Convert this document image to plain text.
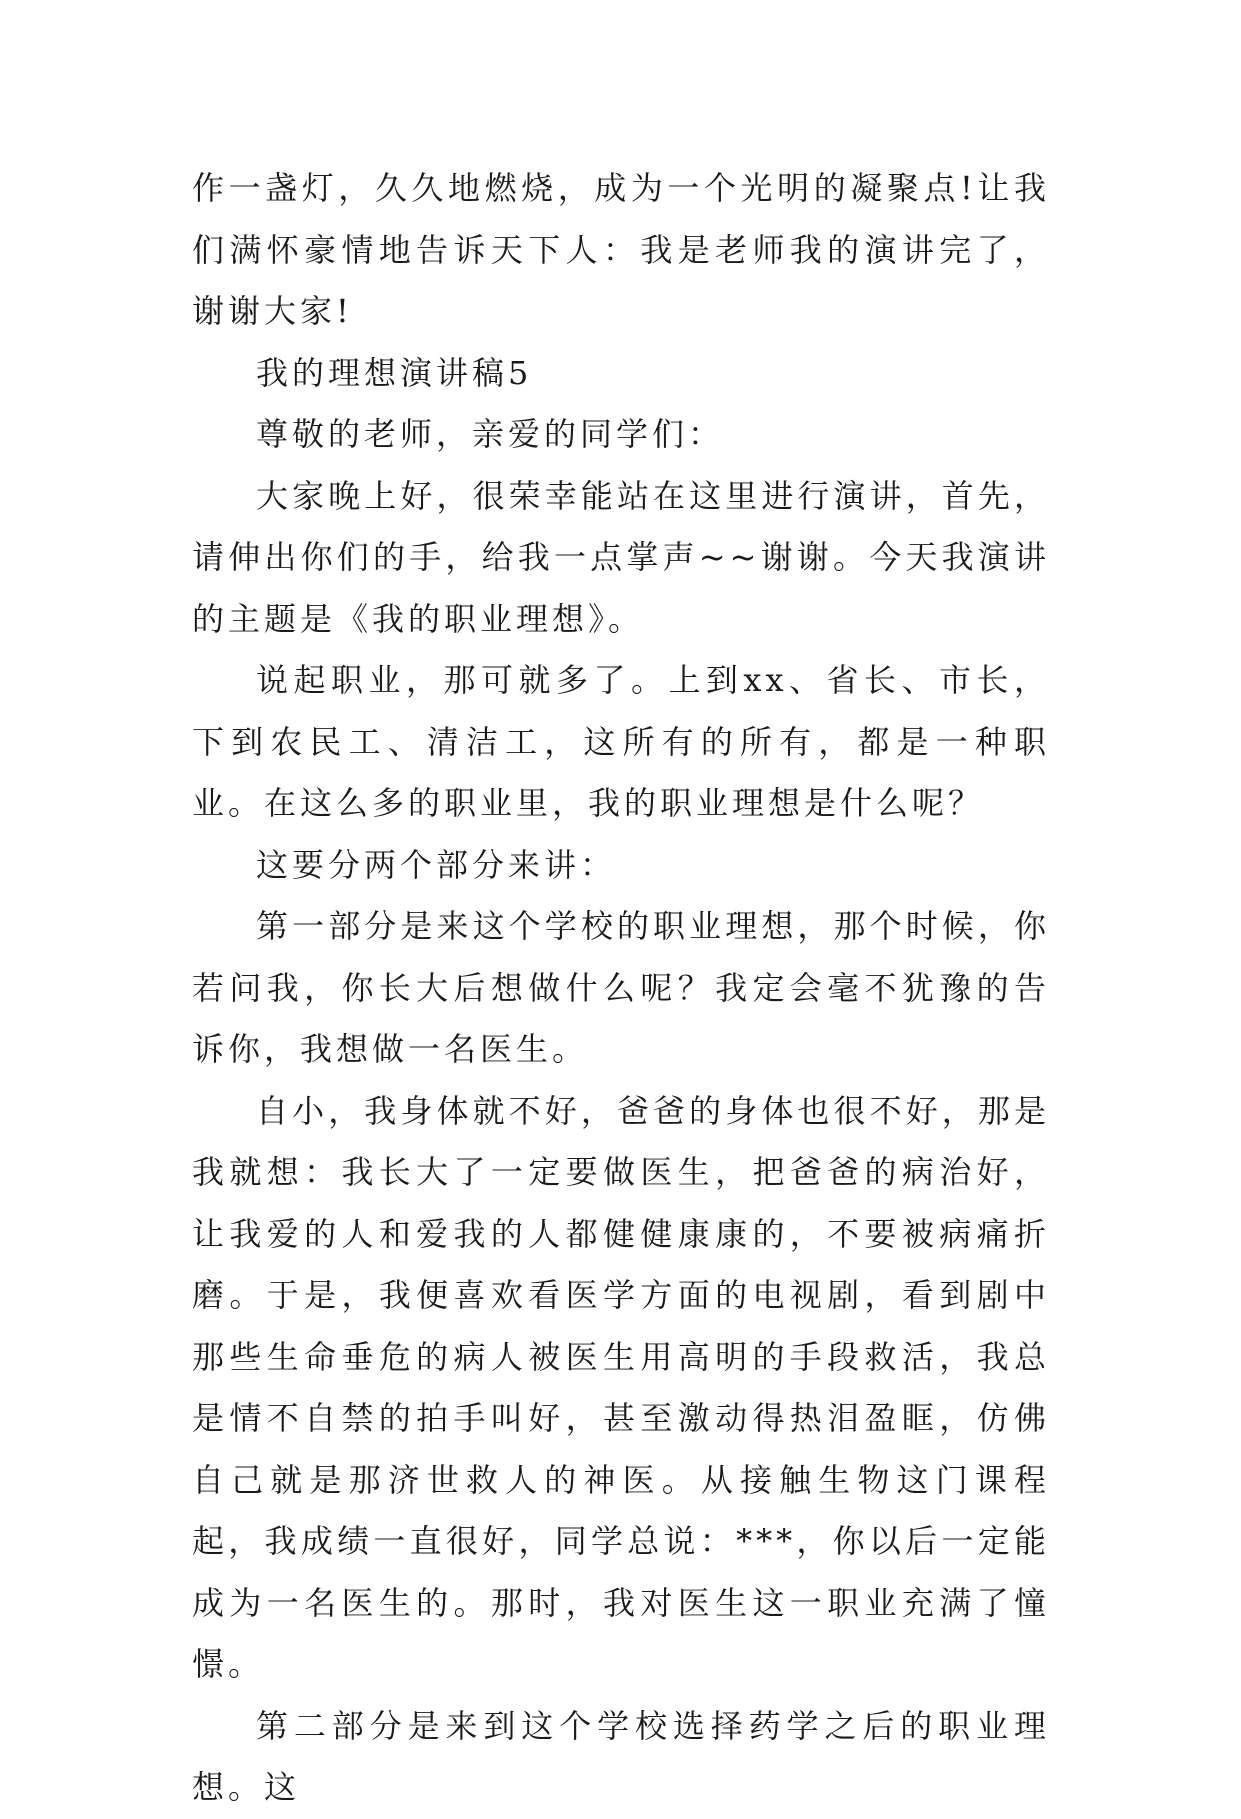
作一盏灯，久久地燃烧，成为一个光明的凝聚点!让我们满怀豪情地告诉天下人：我是老师我的演讲完了，谢谢大家!

我的理想演讲稿5

尊敬的老师，亲爱的同学们：

大家晚上好，很荣幸能站在这里进行演讲，首先，请伸出你们的手，给我一点掌声~~谢谢。今天我演讲的主题是《我的职业理想》。

说起职业，那可就多了。上到xx、省长、市长，下到农民工、清洁工，这所有的所有，都是一种职业。在这么多的职业里，我的职业理想是什么呢？

这要分两个部分来讲：

第一部分是来这个学校的职业理想，那个时候，你若问我，你长大后想做什么呢？我定会毫不犹豫的告诉你，我想做一名医生。

自小，我身体就不好，爸爸的身体也很不好，那是我就想：我长大了一定要做医生，把爸爸的病治好，让我爱的人和爱我的人都健健康康的，不要被病痛折磨。于是，我便喜欢看医学方面的电视剧，看到剧中那些生命垂危的病人被医生用高明的手段救活，我总是情不自禁的拍手叫好，甚至激动得热泪盈眶，仿佛自己就是那济世救人的神医。从接触生物这门课程起，我成绩一直很好，同学总说：***，你以后一定能成为一名医生的。那时，我对医生这一职业充满了憧憬。

第二部分是来到这个学校选择药学之后的职业理想。这
